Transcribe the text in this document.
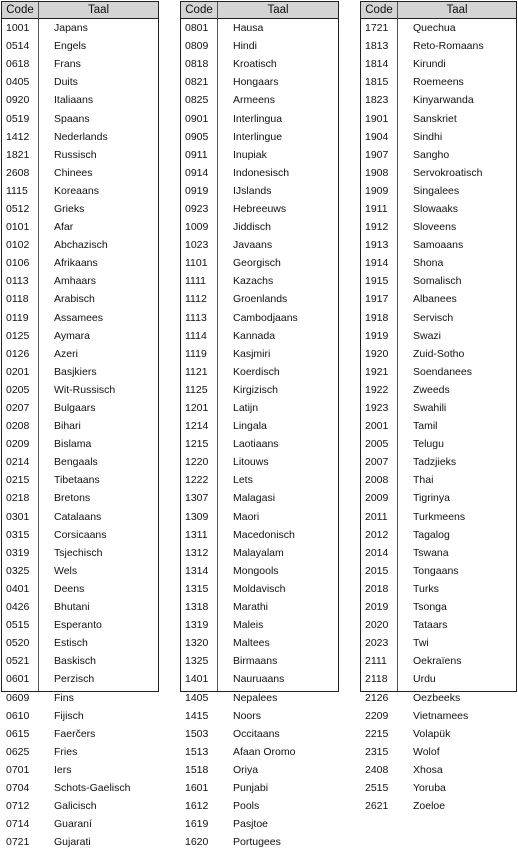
Code	Taal
1001	Japans
0514	Engels
0618	Frans
0405	Duits
0920	Italiaans
0519	Spaans
1412	Nederlands
1821	Russisch
2608	Chinees
1115	Koreaans
0512	Grieks
0101	Afar
0102	Abchazisch
0106	Afrikaans
0113	Amhaars
0118	Arabisch
0119	Assamees
0125	Aymara
0126	Azeri
0201	Basjkiers
0205	Wit-Russisch
0207	Bulgaars
0208	Bihari
0209	Bislama
0214	Bengaals
0215	Tibetaans
0218	Bretons
0301	Catalaans
0315	Corsicaans
0319	Tsjechisch
0325	Wels
0401	Deens
0426	Bhutani
0515	Esperanto
0520	Estisch
0521	Baskisch
0601	Perzisch
0609	Fins
0610	Fijisch
0615	Faerčers
0625	Fries
0701	Iers
0704	Schots-Gaelisch
0712	Galicisch
0714	Guaraní
0721	Gujarati
Code	Taal
0801	Hausa
0809	Hindi
0818	Kroatisch
0821	Hongaars
0825	Armeens
0901	Interlingua
0905	Interlingue
0911	Inupiak
0914	Indonesisch
0919	IJslands
0923	Hebreeuws
1009	Jiddisch
1023	Javaans
1101	Georgisch
1111	Kazachs
1112	Groenlands
1113	Cambodjaans
1114	Kannada
1119	Kasjmiri
1121	Koerdisch
1125	Kirgizisch
1201	Latijn
1214	Lingala
1215	Laotiaans
1220	Litouws
1222	Lets
1307	Malagasi
1309	Maori
1311	Macedonisch
1312	Malayalam
1314	Mongools
1315	Moldavisch
1318	Marathi
1319	Maleis
1320	Maltees
1325	Birmaans
1401	Nauruaans
1405	Nepalees
1415	Noors
1503	Occitaans
1513	Afaan Oromo
1518	Oriya
1601	Punjabi
1612	Pools
1619	Pasjtoe
1620	Portugees
Code	Taal
1721	Quechua
1813	Reto-Romaans
1814	Kirundi
1815	Roemeens
1823	Kinyarwanda
1901	Sanskriet
1904	Sindhi
1907	Sangho
1908	Servokroatisch
1909	Singalees
1911	Slowaaks
1912	Sloveens
1913	Samoaans
1914	Shona
1915	Somalisch
1917	Albanees
1918	Servisch
1919	Swazi
1920	Zuid-Sotho
1921	Soendanees
1922	Zweeds
1923	Swahili
2001	Tamil
2005	Telugu
2007	Tadzjieks
2008	Thai
2009	Tigrinya
2011	Turkmeens
2012	Tagalog
2014	Tswana
2015	Tongaans
2018	Turks
2019	Tsonga
2020	Tataars
2023	Twi
2111	Oekraïens
2118	Urdu
2126	Oezbeeks
2209	Vietnamees
2215	Volapük
2315	Wolof
2408	Xhosa
2515	Yoruba
2621	Zoeloe
